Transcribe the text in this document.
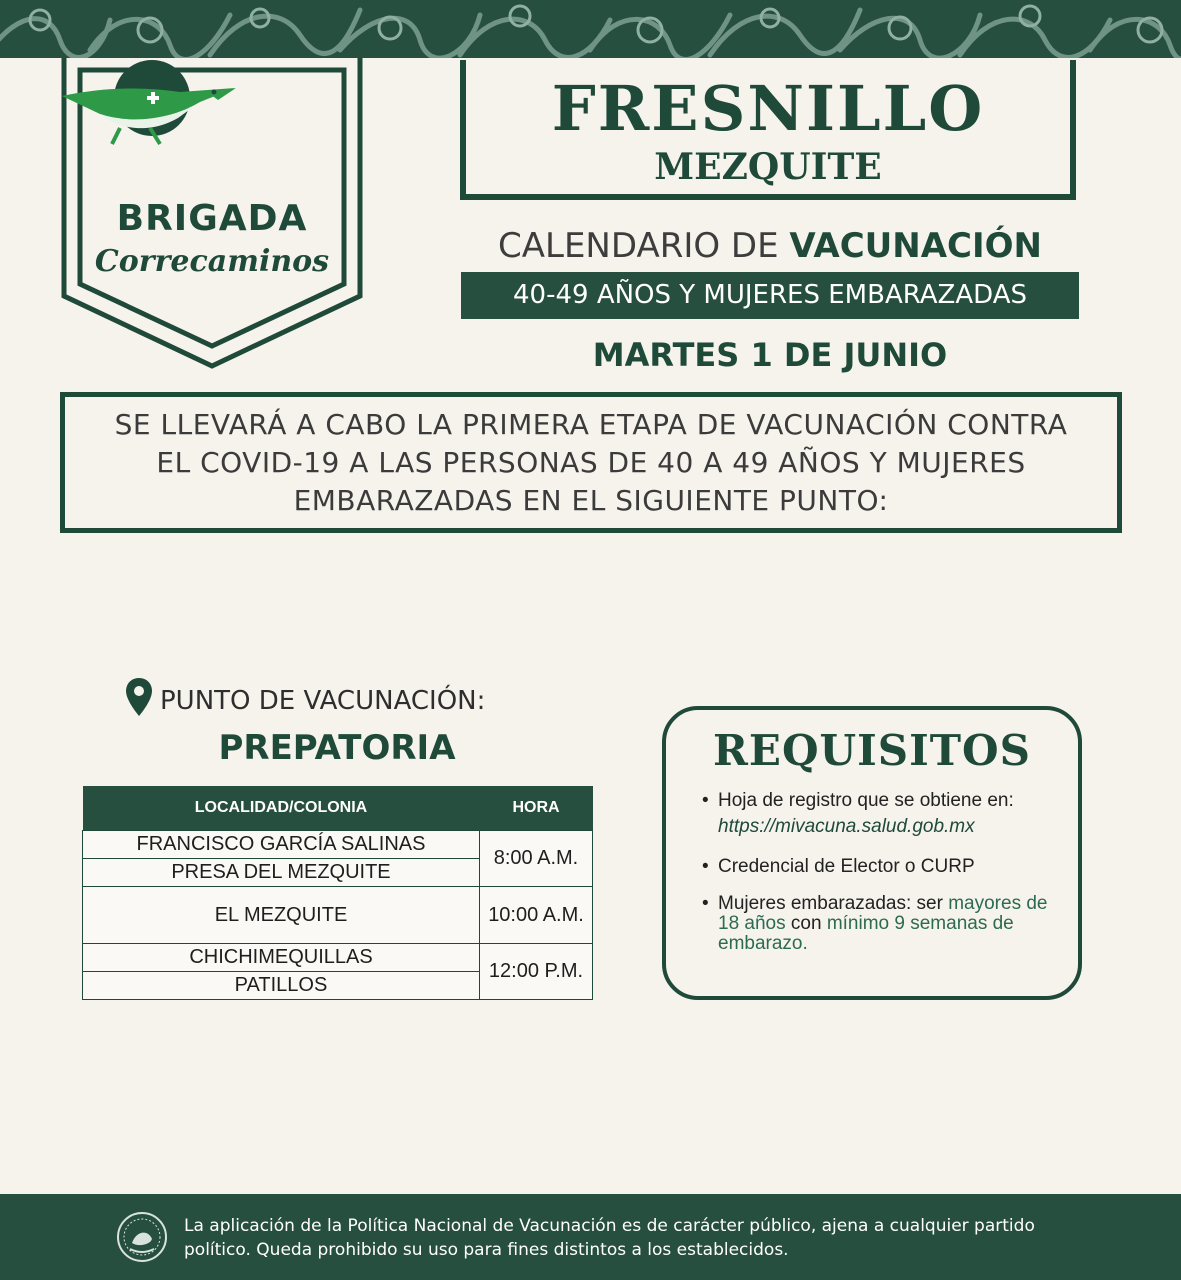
BRIGADA
Correcaminos
FRESNILLO
MEZQUITE
CALENDARIO DE VACUNACIÓN
40-49 AÑOS Y MUJERES EMBARAZADAS
MARTES 1 DE JUNIO
SE LLEVARÁ A CABO LA PRIMERA ETAPA DE VACUNACIÓN CONTRA EL COVID-19 A LAS PERSONAS DE 40 A 49 AÑOS Y MUJERES EMBARAZADAS EN EL SIGUIENTE PUNTO:
PUNTO DE VACUNACIÓN:
PREPATORIA
LOCALIDAD/COLONIA	HORA
FRANCISCO GARCÍA SALINAS	8:00 A.M.
PRESA DEL MEZQUITE	
EL MEZQUITE	10:00 A.M.
CHICHIMEQUILLAS	12:00 P.M.
PATILLOS	
REQUISITOS
• Hoja de registro que se obtiene en: https://mivacuna.salud.gob.mx
• Credencial de Elector o CURP
• Mujeres embarazadas: ser mayores de 18 años con mínimo 9 semanas de embarazo.
La aplicación de la Política Nacional de Vacunación es de carácter público, ajena a cualquier partido político. Queda prohibido su uso para fines distintos a los establecidos.
